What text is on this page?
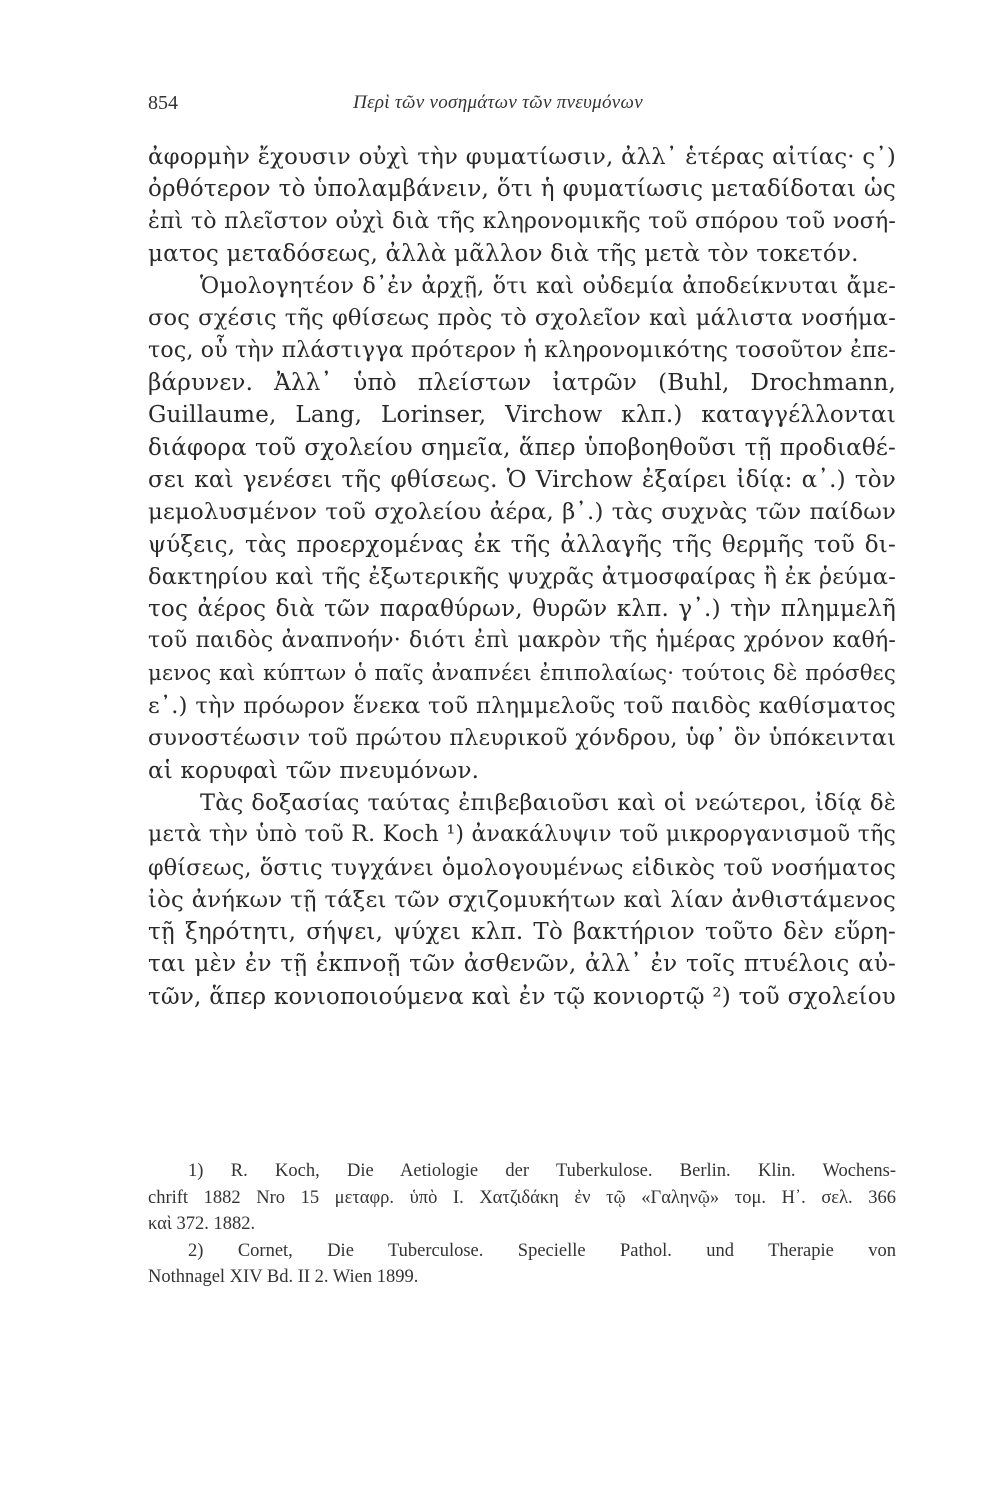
854	Περὶ τῶν νοσημάτων τῶν πνευμόνων
ἀφορμὴν ἔχουσιν οὐχὶ τὴν φυματίωσιν, ἀλλ᾽ ἑτέρας αἰτίας· ς᾽)
ὀρθότερον τὸ ὑπολαμβάνειν, ὅτι ἡ φυματίωσις μεταδίδοται ὡς
ἐπὶ τὸ πλεῖστον οὐχὶ διὰ τῆς κληρονομικῆς τοῦ σπόρου τοῦ νοσή-
ματος μεταδόσεως, ἀλλὰ μᾶλλον διὰ τῆς μετὰ τὸν τοκετόν.
Ὁμολογητέον δ᾽ἐν ἀρχῇ, ὅτι καὶ οὐδεμία ἀποδείκνυται ἄμε-
σος σχέσις τῆς φθίσεως πρὸς τὸ σχολεῖον καὶ μάλιστα νοσήμα-
τος, οὗ τὴν πλάστιγγα πρότερον ἡ κληρονομικότης τοσοῦτον ἐπε-
βάρυνεν. Ἀλλ᾽ ὑπὸ πλείστων ἰατρῶν (Buhl, Drochmann,
Guillaume, Lang, Lorinser, Virchow κλπ.) καταγγέλλονται
διάφορα τοῦ σχολείου σημεῖα, ἅπερ ὑποβοηθοῦσι τῇ προδιαθέ-
σει καὶ γενέσει τῆς φθίσεως. Ὁ Virchow ἐξαίρει ἰδίᾳ: α᾽.) τὸν
μεμολυσμένον τοῦ σχολείου ἀέρα, β᾽.) τὰς συχνὰς τῶν παίδων
ψύξεις, τὰς προερχομένας ἐκ τῆς ἀλλαγῆς τῆς θερμῆς τοῦ δι-
δακτηρίου καὶ τῆς ἐξωτερικῆς ψυχρᾶς ἀτμοσφαίρας ἢ ἐκ ῥεύμα-
τος ἀέρος διὰ τῶν παραθύρων, θυρῶν κλπ. γ᾽.) τὴν πλημμελῆ
τοῦ παιδὸς ἀναπνοήν· διότι ἐπὶ μακρὸν τῆς ἡμέρας χρόνον καθή-
μενος καὶ κύπτων ὁ παῖς ἀναπνέει ἐπιπολαίως· τούτοις δὲ πρόσθες
ε᾽.) τὴν πρόωρον ἕνεκα τοῦ πλημμελοῦς τοῦ παιδὸς καθίσματος
συνοστέωσιν τοῦ πρώτου πλευρικοῦ χόνδρου, ὑφ᾽ ὃν ὑπόκεινται
αἱ κορυφαὶ τῶν πνευμόνων.
Τὰς δοξασίας ταύτας ἐπιβεβαιοῦσι καὶ οἱ νεώτεροι, ἰδίᾳ δὲ
μετὰ τὴν ὑπὸ τοῦ R. Koch ¹) ἀνακάλυψιν τοῦ μικρoργανισμοῦ τῆς
φθίσεως, ὅστις τυγχάνει ὁμολογουμένως εἰδικὸς τοῦ νοσήματος
ἰὸς ἀνήκων τῇ τάξει τῶν σχιζομυκήτων καὶ λίαν ἀνθιστάμενος
τῇ ξηρότητι, σήψει, ψύχει κλπ. Τὸ βακτήριον τοῦτο δὲν εὕρη-
ται μὲν ἐν τῇ ἐκπνοῇ τῶν ἀσθενῶν, ἀλλ᾽ ἐν τοῖς πτυέλοις αὐ-
τῶν, ἅπερ κονιοποιούμενα καὶ ἐν τῷ κονιορτῷ ²) τοῦ σχολείου
1) R. Koch, Die Aetiologie der Tuberkulose. Berlin. Klin. Wochens-
chrift 1882 Nro 15 μεταφρ. ὑπὸ Ι. Χατζιδάκη ἐν τῷ «Γαληνῷ» τομ. Η᾽. σελ. 366
καὶ 372. 1882.
2) Cornet, Die Tuberculose. Specielle Pathol. und Therapie von
Nothnagel XIV Bd. II 2. Wien 1899.
